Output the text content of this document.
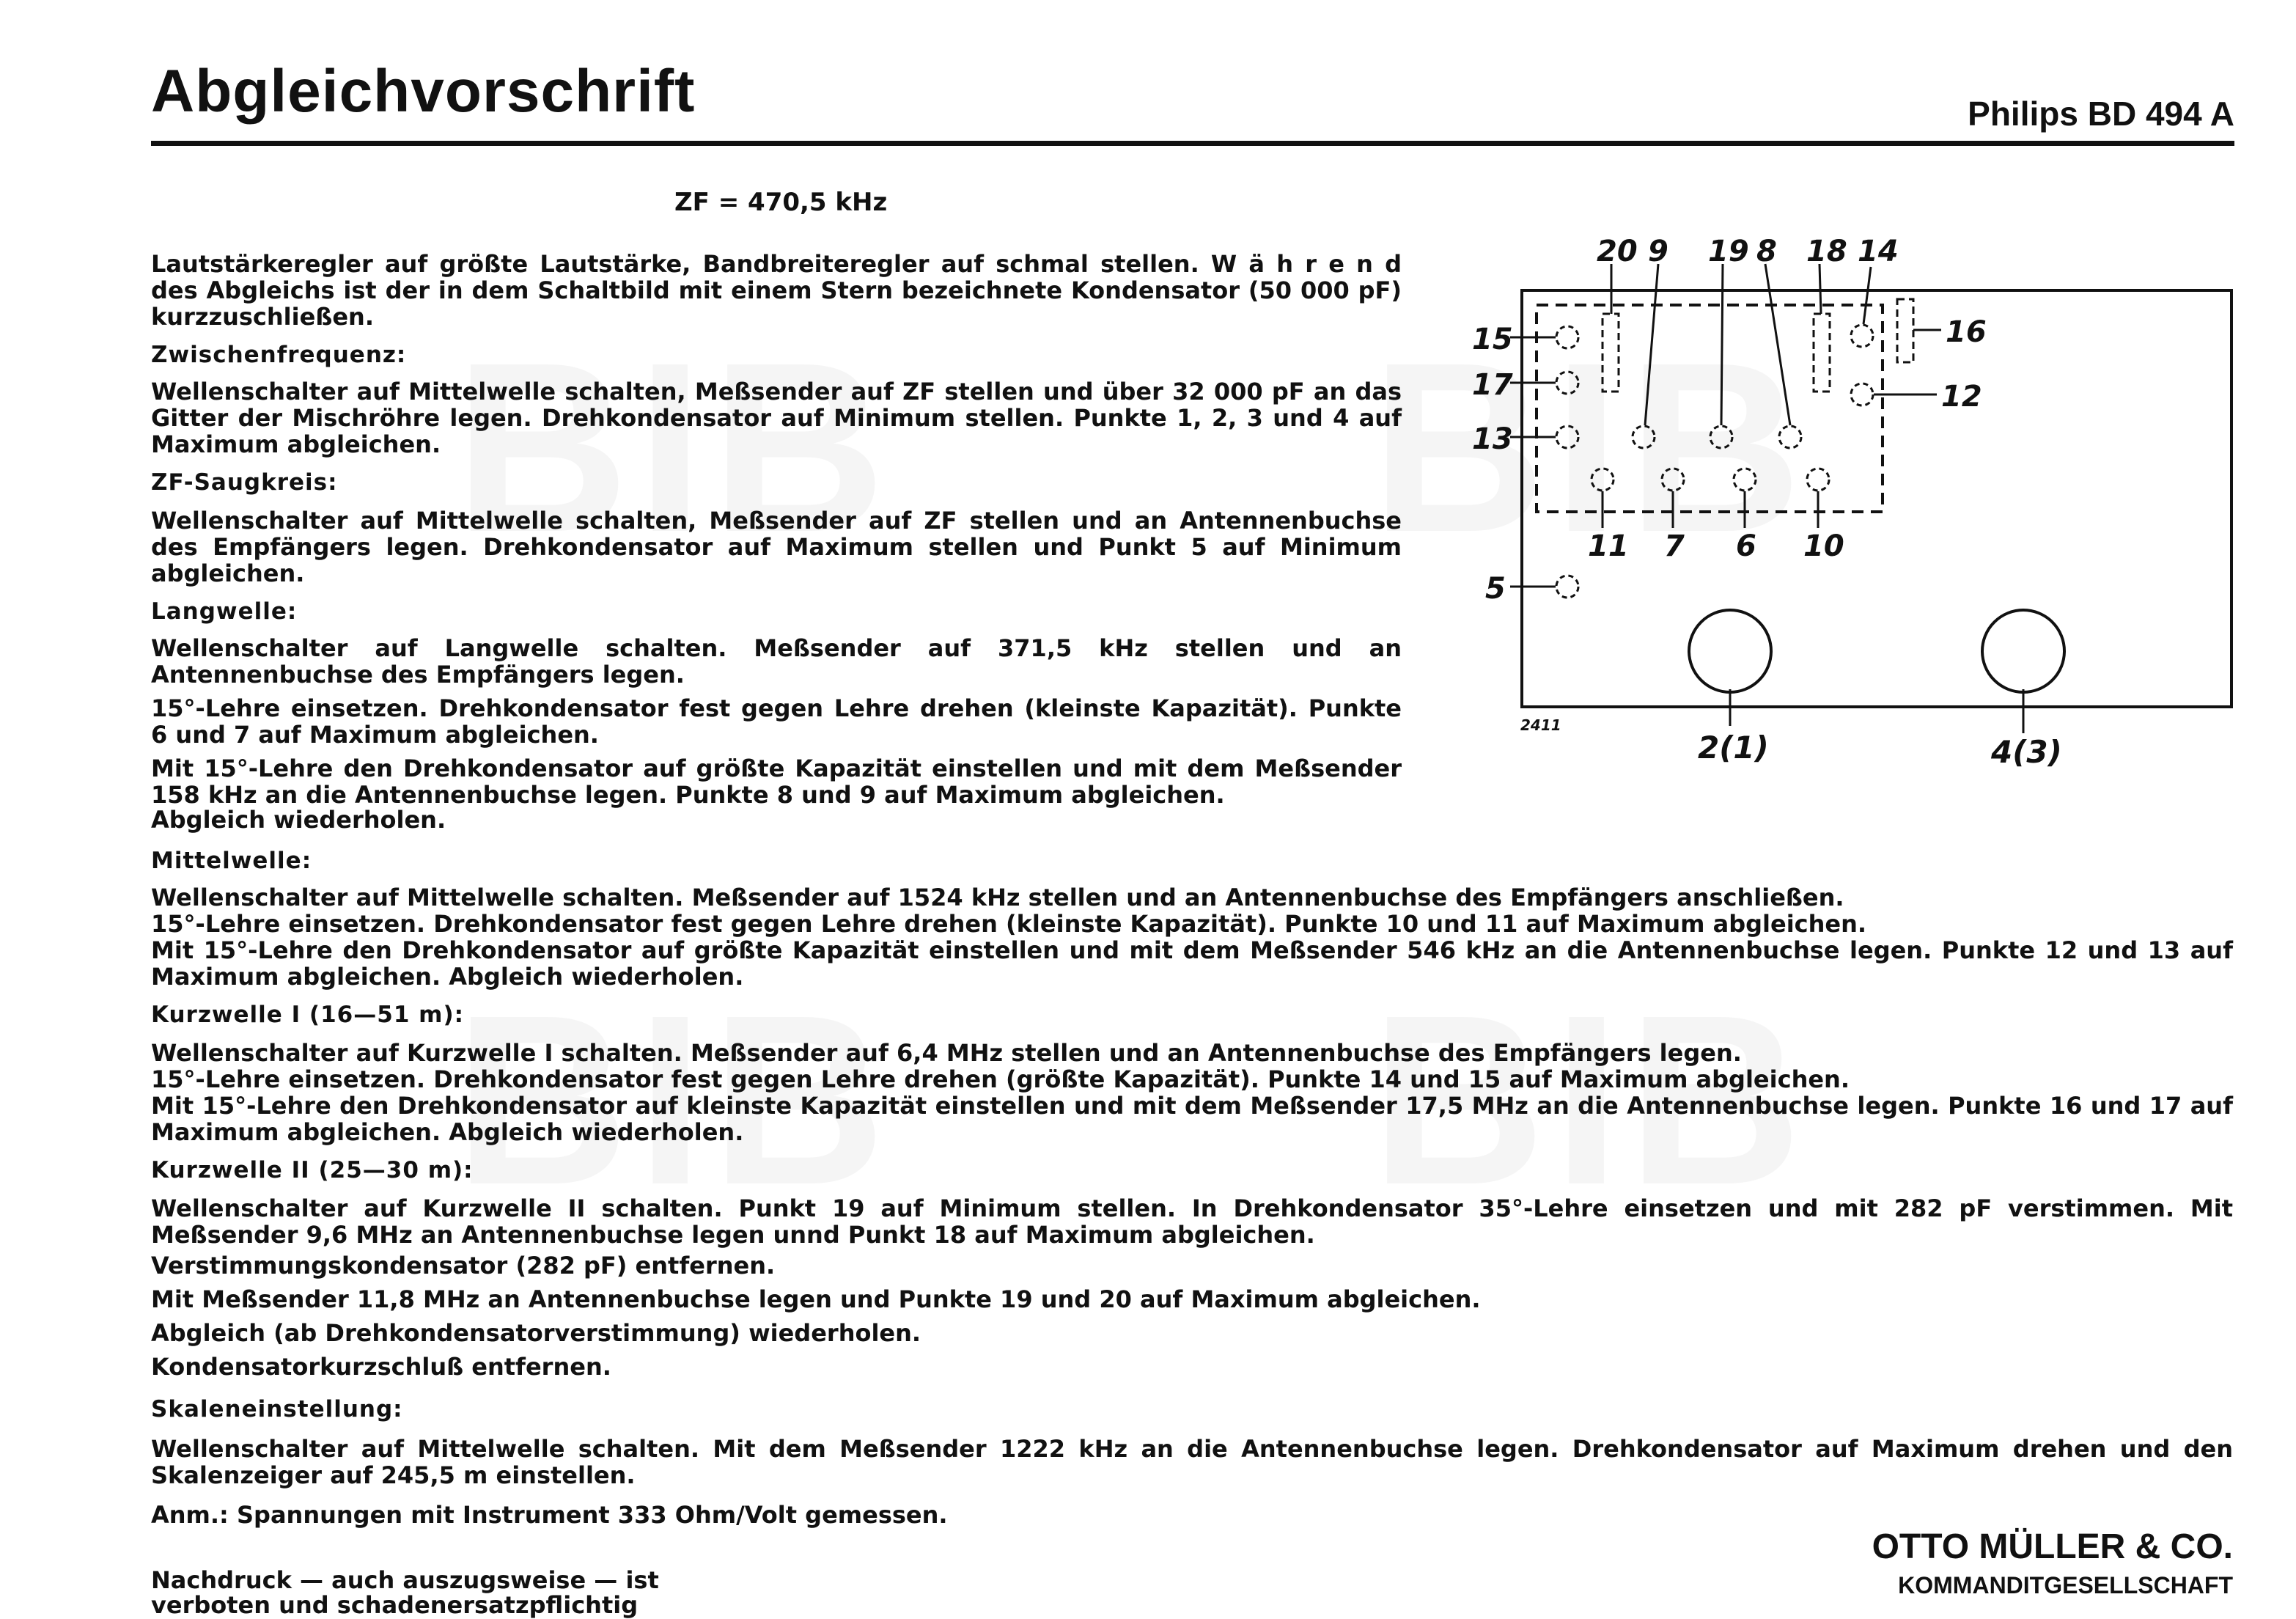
Abgleichvorschrift	Philips BD 494 A
ZF = 470,5 kHz
Lautstärkeregler auf größte Lautstärke, Bandbreiteregler auf schmal stellen. W ä h r e n d des Abgleichs ist der in dem Schaltbild mit einem Stern bezeichnete Kondensator (50 000 pF) kurzzuschließen.
Zwischenfrequenz:
Wellenschalter auf Mittelwelle schalten, Meßsender auf ZF stellen und über 32 000 pF an das Gitter der Mischröhre legen. Drehkondensator auf Minimum stellen. Punkte 1, 2, 3 und 4 auf Maximum abgleichen.
ZF-Saugkreis:
Wellenschalter auf Mittelwelle schalten, Meßsender auf ZF stellen und an Antennenbuchse des Empfängers legen. Drehkondensator auf Maximum stellen und Punkt 5 auf Minimum abgleichen.
Langwelle:
Wellenschalter auf Langwelle schalten. Meßsender auf 371,5 kHz stellen und an Antennenbuchse des Empfängers legen.
15°-Lehre einsetzen. Drehkondensator fest gegen Lehre drehen (kleinste Kapazität). Punkte 6 und 7 auf Maximum abgleichen.
Mit 15°-Lehre den Drehkondensator auf größte Kapazität einstellen und mit dem Meßsender 158 kHz an die Antennenbuchse legen. Punkte 8 und 9 auf Maximum abgleichen.
Abgleich wiederholen.
Mittelwelle:
Wellenschalter auf Mittelwelle schalten. Meßsender auf 1524 kHz stellen und an Antennenbuchse des Empfängers anschließen.
15°-Lehre einsetzen. Drehkondensator fest gegen Lehre drehen (kleinste Kapazität). Punkte 10 und 11 auf Maximum abgleichen.
Mit 15°-Lehre den Drehkondensator auf größte Kapazität einstellen und mit dem Meßsender 546 kHz an die Antennenbuchse legen. Punkte 12 und 13 auf Maximum abgleichen. Abgleich wiederholen.
Kurzwelle I (16—51 m):
Wellenschalter auf Kurzwelle I schalten. Meßsender auf 6,4 MHz stellen und an Antennenbuchse des Empfängers legen.
15°-Lehre einsetzen. Drehkondensator fest gegen Lehre drehen (größte Kapazität). Punkte 14 und 15 auf Maximum abgleichen.
Mit 15°-Lehre den Drehkondensator auf kleinste Kapazität einstellen und mit dem Meßsender 17,5 MHz an die Antennenbuchse legen. Punkte 16 und 17 auf Maximum abgleichen. Abgleich wiederholen.
Kurzwelle II (25—30 m):
Wellenschalter auf Kurzwelle II schalten. Punkt 19 auf Minimum stellen. In Drehkondensator 35°-Lehre einsetzen und mit 282 pF verstimmen. Mit Meßsender 9,6 MHz an Antennenbuchse legen unnd Punkt 18 auf Maximum abgleichen.
Verstimmungskondensator (282 pF) entfernen.
Mit Meßsender 11,8 MHz an Antennenbuchse legen und Punkte 19 und 20 auf Maximum abgleichen.
Abgleich (ab Drehkondensatorverstimmung) wiederholen.
Kondensatorkurzschluß entfernen.
Skaleneinstellung:
Wellenschalter auf Mittelwelle schalten. Mit dem Meßsender 1222 kHz an die Antennenbuchse legen. Drehkondensator auf Maximum drehen und den Skalenzeiger auf 245,5 m einstellen.
Anm.: Spannungen mit Instrument 333 Ohm/Volt gemessen.
Nachdruck — auch auszugsweise — ist verboten und schadenersatzpflichtig
OTTO MÜLLER & CO.
KOMMANDITGESELLSCHAFT
20 9 19 8 18 14
15
17
13
5
16
12
11 7 6 10
2(1)	4(3)
2411
